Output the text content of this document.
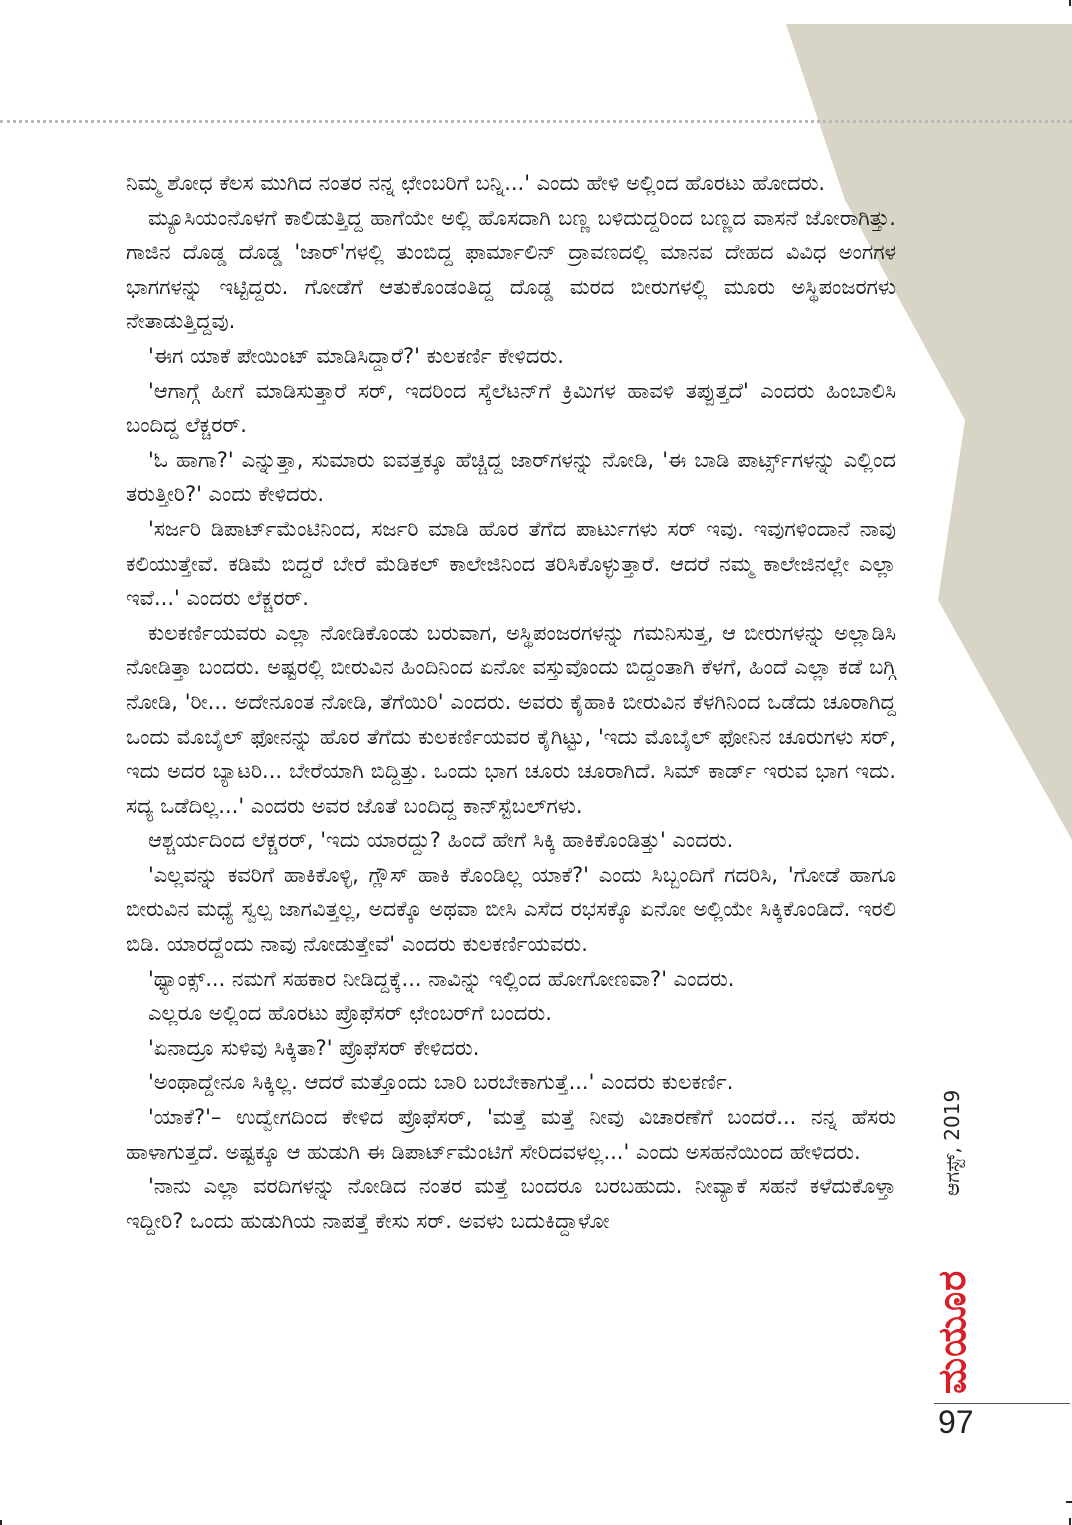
ನಿಮ್ಮ ಶೋಧ ಕೆಲಸ ಮುಗಿದ ನಂತರ ನನ್ನ ಛೇಂಬರಿಗೆ ಬನ್ನಿ...' ಎಂದು ಹೇಳಿ ಅಲ್ಲಿಂದ ಹೊರಟು ಹೋದರು.

ಮ್ಯೂಸಿಯಂನೊಳಗೆ ಕಾಲಿಡುತ್ತಿದ್ದ ಹಾಗೆಯೇ ಅಲ್ಲಿ ಹೊಸದಾಗಿ ಬಣ್ಣ ಬಳಿದುದ್ದರಿಂದ ಬಣ್ಣದ ವಾಸನೆ ಜೋರಾಗಿತ್ತು. ಗಾಜಿನ ದೊಡ್ಡ ದೊಡ್ಡ 'ಜಾರ್'ಗಳಲ್ಲಿ ತುಂಬಿದ್ದ ಫಾರ್ಮಾಲಿನ್ ದ್ರಾವಣದಲ್ಲಿ ಮಾನವ ದೇಹದ ವಿವಿಧ ಅಂಗಗಳ ಭಾಗಗಳನ್ನು ಇಟ್ಟಿದ್ದರು. ಗೋಡೆಗೆ ಆತುಕೊಂಡಂತಿದ್ದ ದೊಡ್ಡ ಮರದ ಬೀರುಗಳಲ್ಲಿ ಮೂರು ಅಸ್ಥಿಪಂಜರಗಳು ನೇತಾಡುತ್ತಿದ್ದವು.

'ಈಗ ಯಾಕೆ ಪೇಯಿಂಟ್ ಮಾಡಿಸಿದ್ದಾರೆ?' ಕುಲಕರ್ಣಿ ಕೇಳಿದರು.

'ಆಗಾಗ್ಗೆ ಹೀಗೆ ಮಾಡಿಸುತ್ತಾರೆ ಸರ್, ಇದರಿಂದ ಸ್ಕೆಲೆಟನ್‌ಗೆ ಕ್ರಿಮಿಗಳ ಹಾವಳಿ ತಪ್ಪುತ್ತದೆ' ಎಂದರು ಹಿಂಬಾಲಿಸಿ ಬಂದಿದ್ದ ಲೆಕ್ಚರರ್.

'ಓ ಹಾಗಾ?' ಎನ್ನುತ್ತಾ, ಸುಮಾರು ಐವತ್ತಕ್ಕೂ ಹೆಚ್ಚಿದ್ದ ಜಾರ್‌ಗಳನ್ನು ನೋಡಿ, 'ಈ ಬಾಡಿ ಪಾರ್ಟ್ಸ್‌ಗಳನ್ನು ಎಲ್ಲಿಂದ ತರುತ್ತೀರಿ?' ಎಂದು ಕೇಳಿದರು.

'ಸರ್ಜರಿ ಡಿಪಾರ್ಟ್‌ಮೆಂಟಿನಿಂದ, ಸರ್ಜರಿ ಮಾಡಿ ಹೊರ ತೆಗೆದ ಪಾರ್ಟುಗಳು ಸರ್ ಇವು. ಇವುಗಳಿಂದಾನೆ ನಾವು ಕಲಿಯುತ್ತೇವೆ. ಕಡಿಮೆ ಬಿದ್ದರೆ ಬೇರೆ ಮೆಡಿಕಲ್ ಕಾಲೇಜಿನಿಂದ ತರಿಸಿಕೊಳ್ಳುತ್ತಾರೆ. ಆದರೆ ನಮ್ಮ ಕಾಲೇಜಿನಲ್ಲೇ ಎಲ್ಲಾ ಇವೆ...' ಎಂದರು ಲೆಕ್ಚರರ್.

ಕುಲಕರ್ಣಿಯವರು ಎಲ್ಲಾ ನೋಡಿಕೊಂಡು ಬರುವಾಗ, ಅಸ್ಥಿಪಂಜರಗಳನ್ನು ಗಮನಿಸುತ್ತ, ಆ ಬೀರುಗಳನ್ನು ಅಲ್ಲಾಡಿಸಿ ನೋಡಿತ್ತಾ ಬಂದರು. ಅಷ್ಟರಲ್ಲಿ ಬೀರುವಿನ ಹಿಂದಿನಿಂದ ಏನೋ ವಸ್ತುವೊಂದು ಬಿದ್ದಂತಾಗಿ ಕೆಳಗೆ, ಹಿಂದೆ ಎಲ್ಲಾ ಕಡೆ ಬಗ್ಗಿ ನೋಡಿ, 'ರೀ... ಅದೇನೂಂತ ನೋಡಿ, ತೆಗೆಯಿರಿ' ಎಂದರು. ಅವರು ಕೈಹಾಕಿ ಬೀರುವಿನ ಕೆಳಗಿನಿಂದ ಒಡೆದು ಚೂರಾಗಿದ್ದ ಒಂದು ಮೊಬೈಲ್ ಫೋನನ್ನು ಹೊರ ತೆಗೆದು ಕುಲಕರ್ಣಿಯವರ ಕೈಗಿಟ್ಟು, 'ಇದು ಮೊಬೈಲ್ ಫೋನಿನ ಚೂರುಗಳು ಸರ್, ಇದು ಅದರ ಬ್ಯಾಟರಿ... ಬೇರೆಯಾಗಿ ಬಿದ್ದಿತ್ತು. ಒಂದು ಭಾಗ ಚೂರು ಚೂರಾಗಿದೆ. ಸಿಮ್ ಕಾರ್ಡ್ ಇರುವ ಭಾಗ ಇದು. ಸದ್ಯ ಒಡೆದಿಲ್ಲ...' ಎಂದರು ಅವರ ಜೊತೆ ಬಂದಿದ್ದ ಕಾನ್‌ಸ್ಟೆಬಲ್‌ಗಳು.

ಆಶ್ಚರ್ಯದಿಂದ ಲೆಕ್ಚರರ್, 'ಇದು ಯಾರದ್ದು? ಹಿಂದೆ ಹೇಗೆ ಸಿಕ್ಕಿ ಹಾಕಿಕೊಂಡಿತ್ತು' ಎಂದರು.

'ಎಲ್ಲವನ್ನು ಕವರಿಗೆ ಹಾಕಿಕೊಳ್ಳಿ, ಗ್ಲೌಸ್ ಹಾಕಿ ಕೊಂಡಿಲ್ಲ ಯಾಕೆ?' ಎಂದು ಸಿಬ್ಬಂದಿಗೆ ಗದರಿಸಿ, 'ಗೋಡೆ ಹಾಗೂ ಬೀರುವಿನ ಮಧ್ಯೆ ಸ್ವಲ್ಪ ಜಾಗವಿತ್ತಲ್ಲ, ಅದಕ್ಕೊ ಅಥವಾ ಬೀಸಿ ಎಸೆದ ರಭಸಕ್ಕೊ ಏನೋ ಅಲ್ಲಿಯೇ ಸಿಕ್ಕಿಕೊಂಡಿದೆ. ಇರಲಿ ಬಿಡಿ. ಯಾರದ್ದೆಂದು ನಾವು ನೋಡುತ್ತೇವೆ' ಎಂದರು ಕುಲಕರ್ಣಿಯವರು.

'ಥ್ಯಾಂಕ್ಸ್... ನಮಗೆ ಸಹಕಾರ ನೀಡಿದ್ದಕ್ಕೆ... ನಾವಿನ್ನು ಇಲ್ಲಿಂದ ಹೋಗೋಣವಾ?' ಎಂದರು.

ಎಲ್ಲರೂ ಅಲ್ಲಿಂದ ಹೊರಟು ಪ್ರೊಫೆಸರ್ ಛೇಂಬರ್‌ಗೆ ಬಂದರು.

'ಏನಾದ್ರೂ ಸುಳಿವು ಸಿಕ್ಕಿತಾ?' ಪ್ರೊಫೆಸರ್ ಕೇಳಿದರು.

'ಅಂಥಾದ್ದೇನೂ ಸಿಕ್ಕಿಲ್ಲ. ಆದರೆ ಮತ್ತೊಂದು ಬಾರಿ ಬರಬೇಕಾಗುತ್ತೆ...' ಎಂದರು ಕುಲಕರ್ಣಿ.

'ಯಾಕೆ?'– ಉದ್ವೇಗದಿಂದ ಕೇಳಿದ ಪ್ರೊಫೆಸರ್, 'ಮತ್ತೆ ಮತ್ತೆ ನೀವು ವಿಚಾರಣೆಗೆ ಬಂದರೆ... ನನ್ನ ಹೆಸರು ಹಾಳಾಗುತ್ತದೆ. ಅಷ್ಟಕ್ಕೂ ಆ ಹುಡುಗಿ ಈ ಡಿಪಾರ್ಟ್‌ಮೆಂಟಿಗೆ ಸೇರಿದವಳಲ್ಲ...' ಎಂದು ಅಸಹನೆಯಿಂದ ಹೇಳಿದರು.

'ನಾನು ಎಲ್ಲಾ ವರದಿಗಳನ್ನು ನೋಡಿದ ನಂತರ ಮತ್ತೆ ಬಂದರೂ ಬರಬಹುದು. ನೀವ್ಯಾಕೆ ಸಹನೆ ಕಳೆದುಕೊಳ್ತಾ ಇದ್ದೀರಿ? ಒಂದು ಹುಡುಗಿಯ ನಾಪತ್ತೆ ಕೇಸು ಸರ್. ಅವಳು ಬದುಕಿದ್ದಾಳೋ

ಆಗಸ್ಟ್, 2019
ಮಯೂರ
97
